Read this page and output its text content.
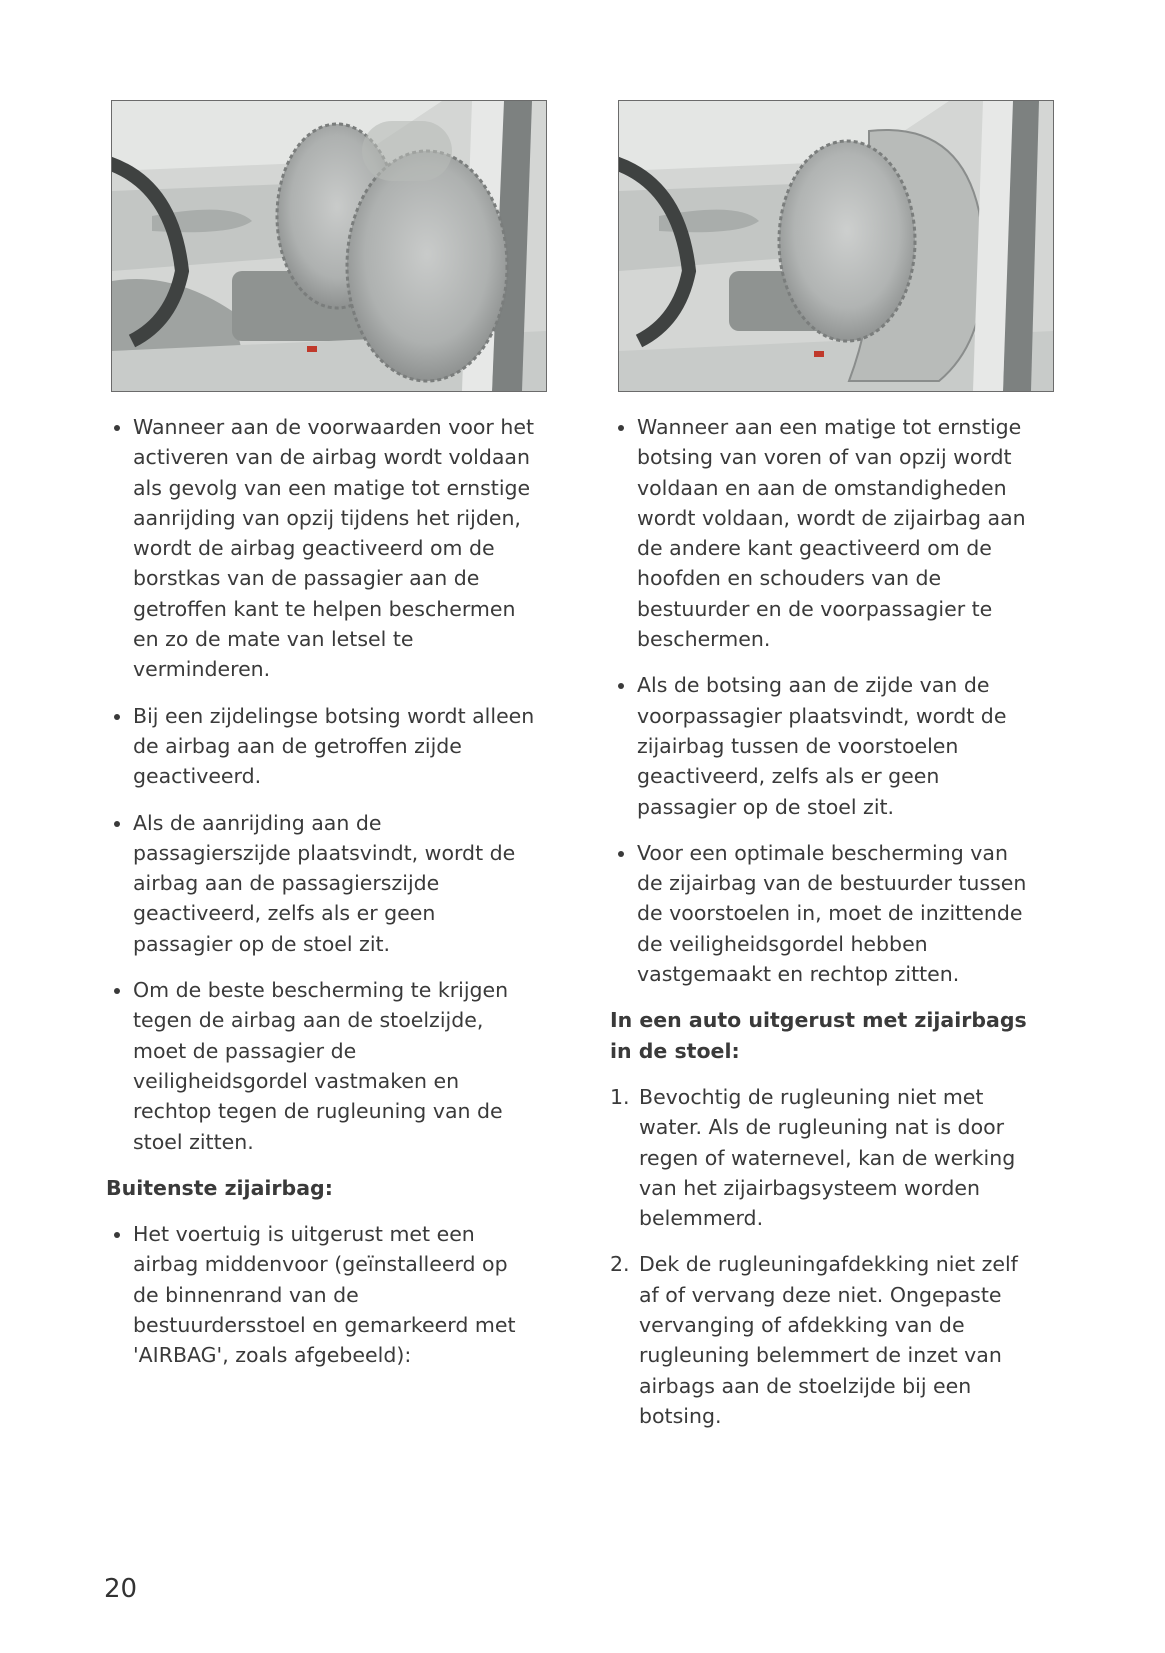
Wanneer aan de voorwaarden voor het activeren van de airbag wordt voldaan als gevolg van een matige tot ernstige aanrijding van opzij tijdens het rijden, wordt de airbag geactiveerd om de borstkas van de passagier aan de getroffen kant te helpen beschermen en zo de mate van letsel te verminderen.
Bij een zijdelingse botsing wordt alleen de airbag aan de getroffen zijde geactiveerd.
Als de aanrijding aan de passagierszijde plaatsvindt, wordt de airbag aan de passagierszijde geactiveerd, zelfs als er geen passagier op de stoel zit.
Om de beste bescherming te krijgen tegen de airbag aan de stoelzijde, moet de passagier de veiligheidsgordel vastmaken en rechtop tegen de rugleuning van de stoel zitten.
Buitenste zijairbag:
Het voertuig is uitgerust met een airbag middenvoor (geïnstalleerd op de binnenrand van de bestuurdersstoel en gemarkeerd met 'AIRBAG', zoals afgebeeld):
Wanneer aan een matige tot ernstige botsing van voren of van opzij wordt voldaan en aan de omstandigheden wordt voldaan, wordt de zijairbag aan de andere kant geactiveerd om de hoofden en schouders van de bestuurder en de voorpassagier te beschermen.
Als de botsing aan de zijde van de voorpassagier plaatsvindt, wordt de zijairbag tussen de voorstoelen geactiveerd, zelfs als er geen passagier op de stoel zit.
Voor een optimale bescherming van de zijairbag van de bestuurder tussen de voorstoelen in, moet de inzittende de veiligheidsgordel hebben vastgemaakt en rechtop zitten.
In een auto uitgerust met zijairbags in de stoel:
1. Bevochtig de rugleuning niet met water. Als de rugleuning nat is door regen of waternevel, kan de werking van het zijairbagsysteem worden belemmerd.
2. Dek de rugleuningafdekking niet zelf af of vervang deze niet. Ongepaste vervanging of afdekking van de rugleuning belemmert de inzet van airbags aan de stoelzijde bij een botsing.
20
